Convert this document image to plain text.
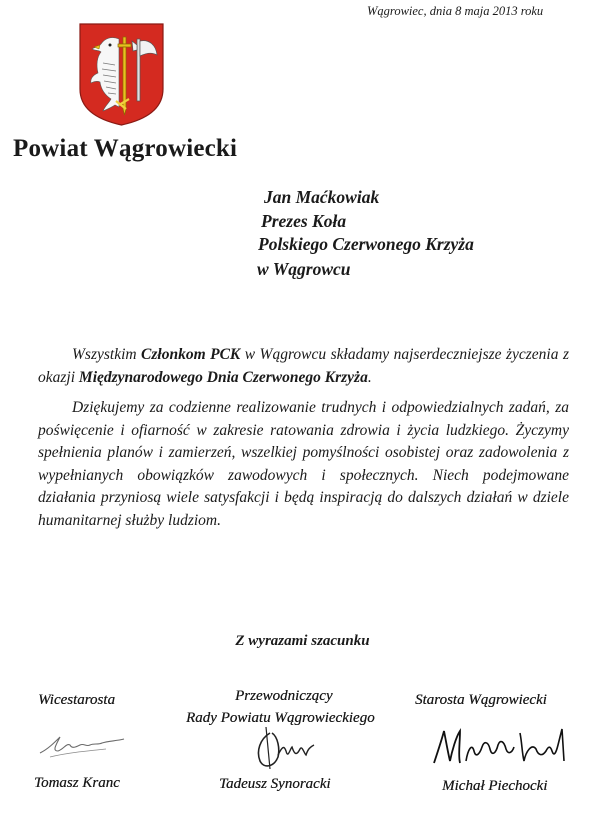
Wągrowiec, dnia 8 maja 2013 roku
Powiat Wągrowiecki
Jan Maćkowiak
Prezes Koła
Polskiego Czerwonego Krzyża
w Wągrowcu

Wszystkim Członkom PCK w Wągrowcu składamy najserdeczniejsze życzenia z okazji Międzynarodowego Dnia Czerwonego Krzyża.

Dziękujemy za codzienne realizowanie trudnych i odpowiedzialnych zadań, za poświęcenie i ofiarność w zakresie ratowania zdrowia i życia ludzkiego. Życzymy spełnienia planów i zamierzeń, wszelkiej pomyślności osobistej oraz zadowolenia z wypełnianych obowiązków zawodowych i społecznych. Niech podejmowane działania przyniosą wiele satysfakcji i będą inspiracją do dalszych działań w dziele humanitarnej służby ludziom.

Z wyrazami szacunku
Wicestarosta
Tomasz Kranc
Przewodniczący
Rady Powiatu Wągrowieckiego
Tadeusz Synoracki
Starosta Wągrowiecki
Michał Piechocki
